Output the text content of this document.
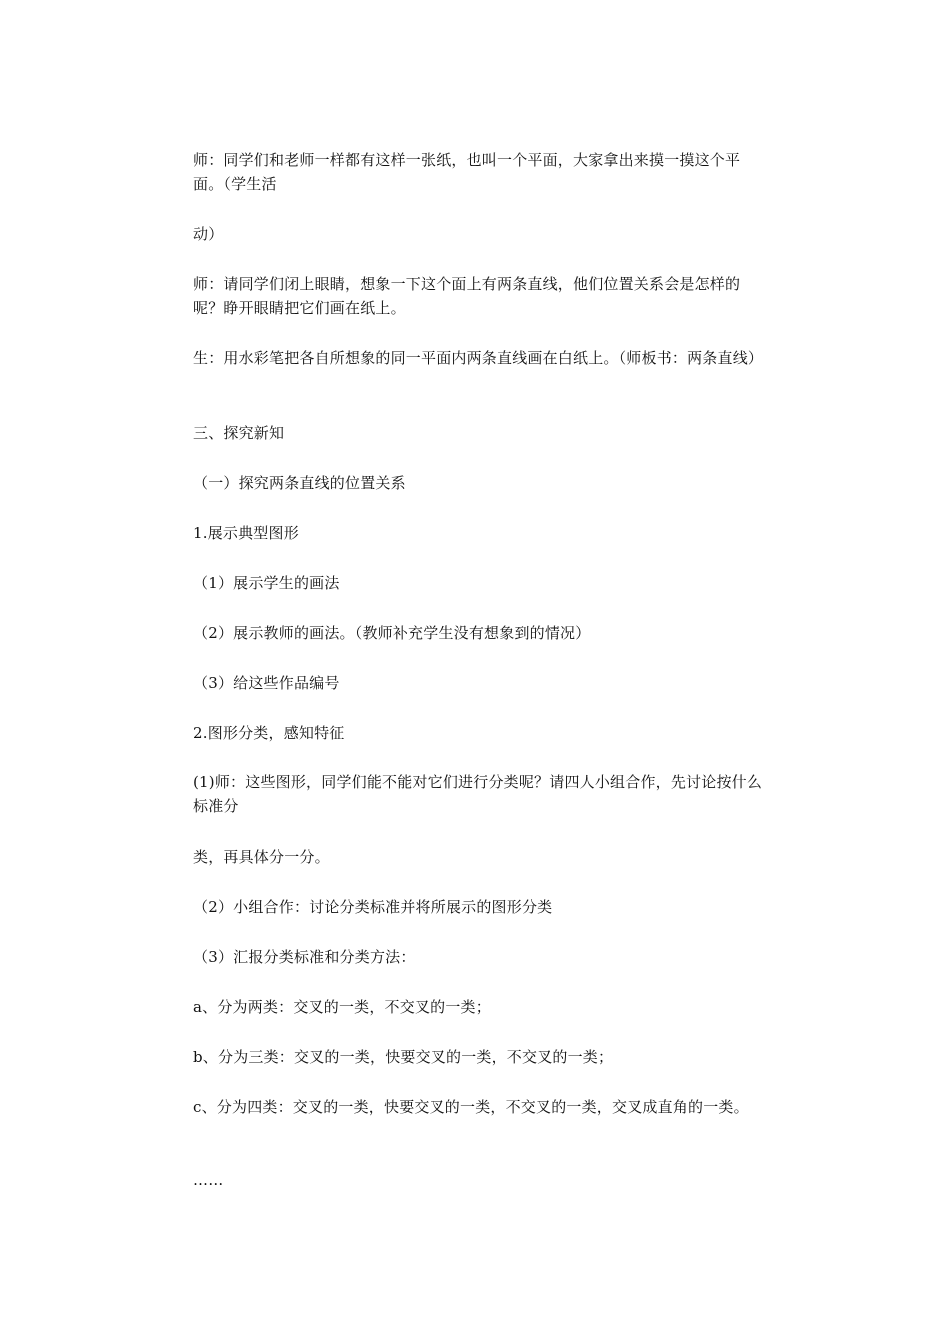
师：同学们和老师一样都有这样一张纸，也叫一个平面，大家拿出来摸一摸这个平面。（学生活

动）

师：请同学们闭上眼睛，想象一下这个面上有两条直线，他们位置关系会是怎样的呢？睁开眼睛把它们画在纸上。

生：用水彩笔把各自所想象的同一平面内两条直线画在白纸上。（师板书：两条直线）

三、探究新知

（一）探究两条直线的位置关系

1.展示典型图形

（1）展示学生的画法

（2）展示教师的画法。（教师补充学生没有想象到的情况）

（3）给这些作品编号

2.图形分类，感知特征

(1)师：这些图形，同学们能不能对它们进行分类呢？请四人小组合作，先讨论按什么标准分

类，再具体分一分。

（2）小组合作：讨论分类标准并将所展示的图形分类

（3）汇报分类标准和分类方法：

a、分为两类：交叉的一类，不交叉的一类；

b、分为三类：交叉的一类，快要交叉的一类，不交叉的一类；

c、分为四类：交叉的一类，快要交叉的一类，不交叉的一类，交叉成直角的一类。

……
